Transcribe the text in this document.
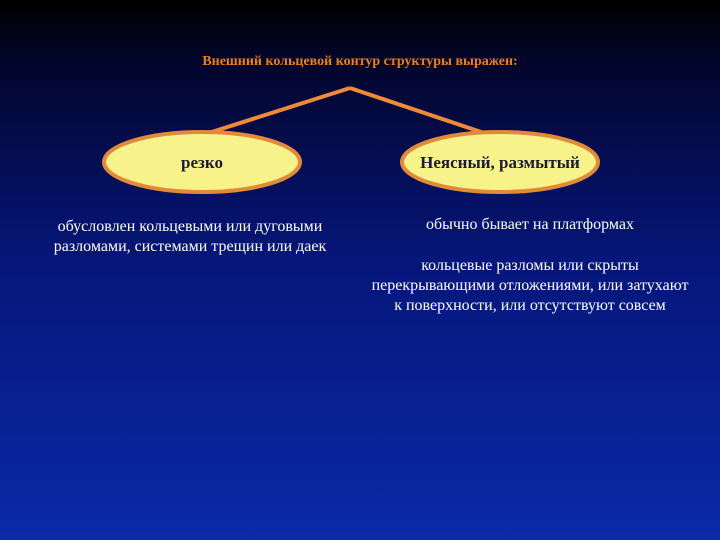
Внешний кольцевой контур структуры выражен:
резко	Неясный, размытый
обусловлен кольцевыми или дуговыми разломами, системами трещин или даек
обычно бывает на платформах
кольцевые разломы или скрыты перекрывающими отложениями, или затухают к поверхности, или отсутствуют совсем
